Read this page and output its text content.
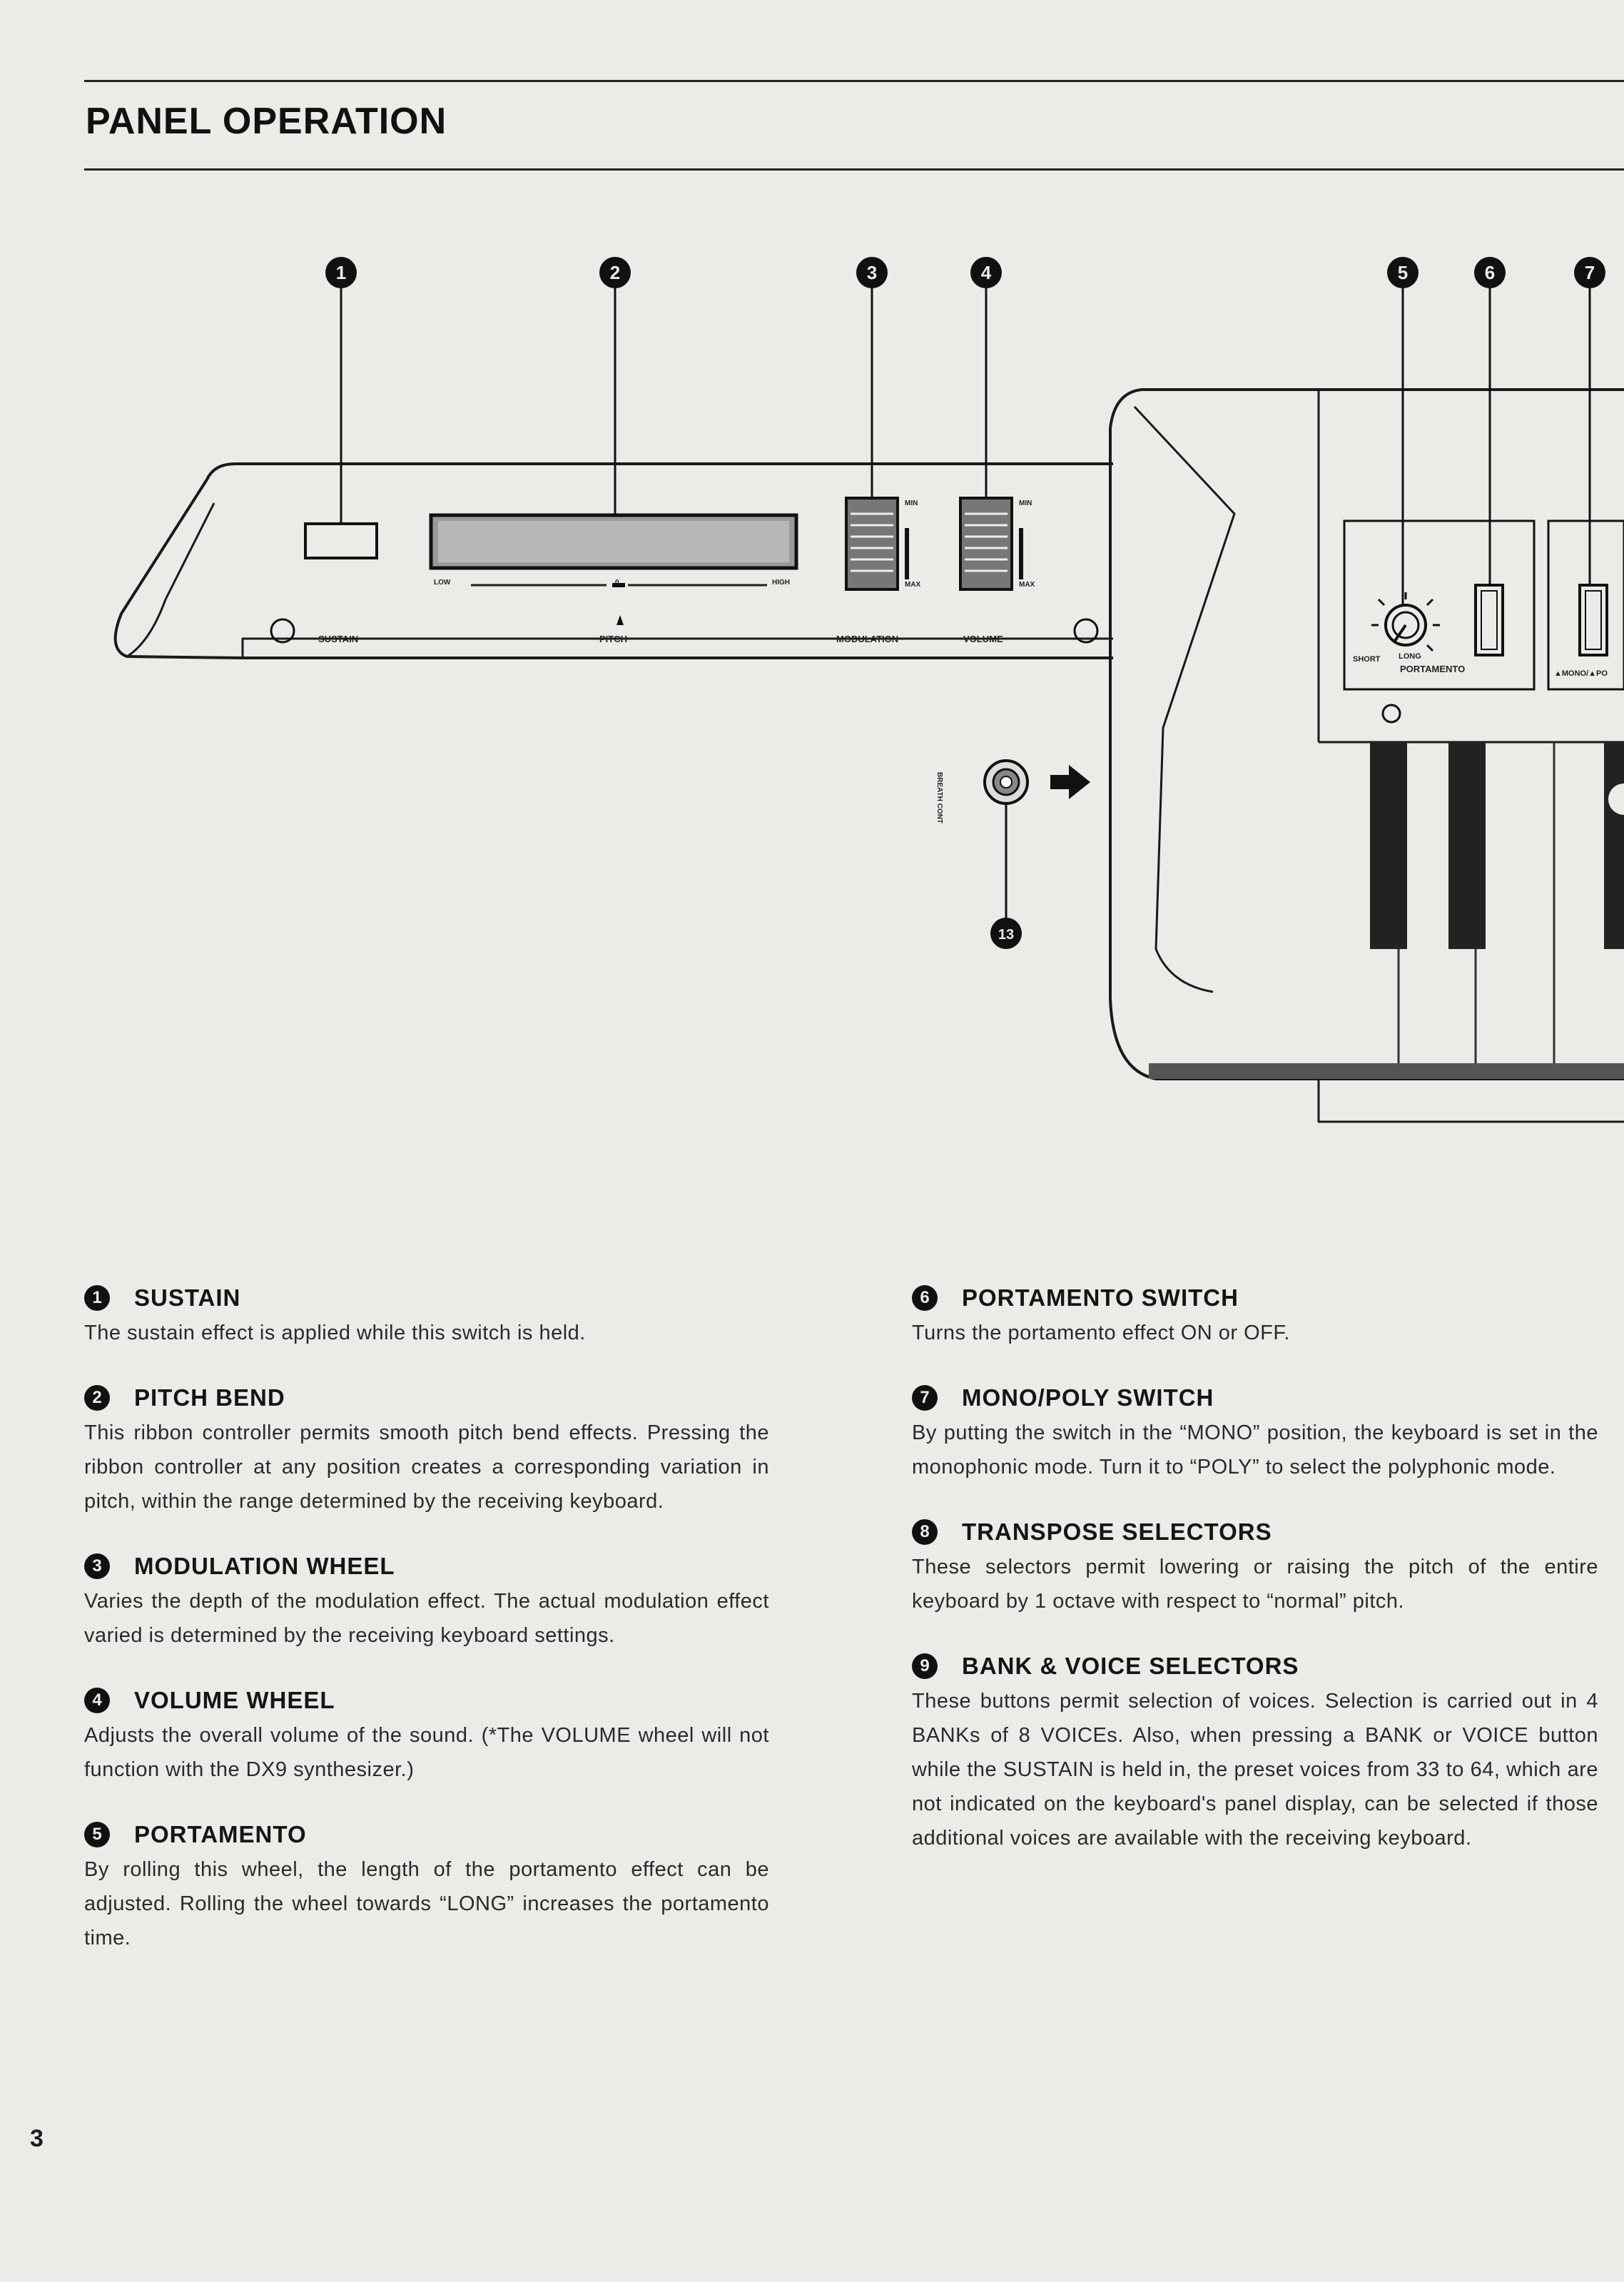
PANEL OPERATION
1	2	3	4	5	6	7
13
SUSTAIN	PITCH	MODULATION	VOLUME
LOW	0	HIGH
MIN
MAX
MIN
MAX
SHORT LONG
PORTAMENTO	▲MONO/▲PO
BREATH CONT
1	SUSTAIN
The sustain effect is applied while this switch is held.
2	PITCH BEND
This ribbon controller permits smooth pitch bend effects. Pressing the ribbon controller at any position creates a corresponding variation in pitch, within the range determined by the receiving keyboard.
3	MODULATION WHEEL
Varies the depth of the modulation effect. The actual modulation effect varied is determined by the receiving keyboard settings.
4	VOLUME WHEEL
Adjusts the overall volume of the sound. (*The VOLUME wheel will not function with the DX9 synthesizer.)
5	PORTAMENTO
By rolling this wheel, the length of the portamento effect can be adjusted. Rolling the wheel towards “LONG” increases the portamento time.
6	PORTAMENTO SWITCH
Turns the portamento effect ON or OFF.
7	MONO/POLY SWITCH
By putting the switch in the “MONO” position, the keyboard is set in the monophonic mode. Turn it to “POLY” to select the polyphonic mode.
8	TRANSPOSE SELECTORS
These selectors permit lowering or raising the pitch of the entire keyboard by 1 octave with respect to “normal” pitch.
9	BANK & VOICE SELECTORS
These buttons permit selection of voices. Selection is carried out in 4 BANKs of 8 VOICEs. Also, when pressing a BANK or VOICE button while the SUSTAIN is held in, the preset voices from 33 to 64, which are not indicated on the keyboard's panel display, can be selected if those additional voices are available with the receiving keyboard.
3
